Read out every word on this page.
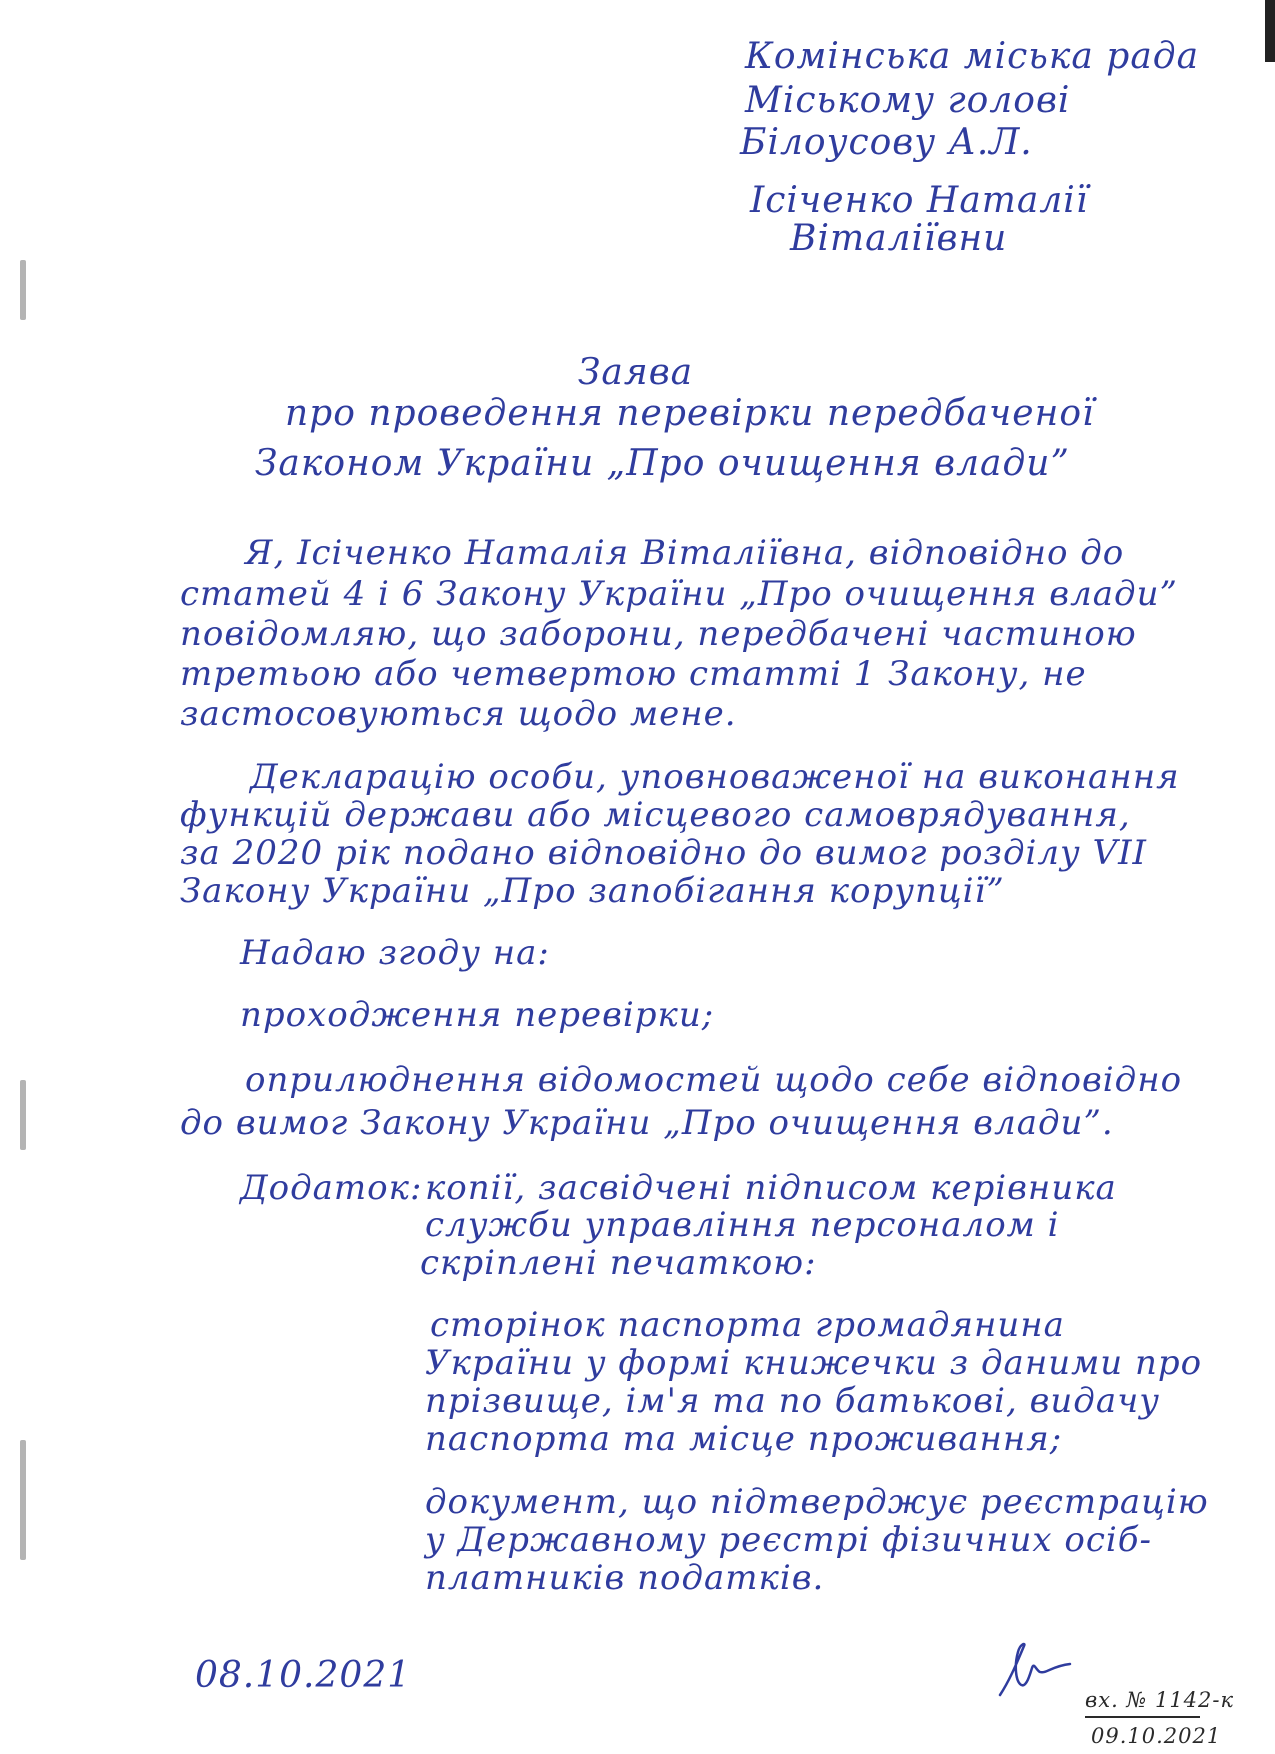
Комінська міська рада
Міському голові
Білоусову А.Л.
Ісіченко Наталії
Віталіївни
Заява
про проведення перевірки передбаченої
Законом України „Про очищення влади”
Я, Ісіченко Наталія Віталіївна, відповідно до
статей 4 і 6 Закону України „Про очищення влади”
повідомляю, що заборони, передбачені частиною
третьою або четвертою статті 1 Закону, не
застосовуються щодо мене.
Декларацію особи, уповноваженої на виконання
функцій держави або місцевого самоврядування,
за 2020 рік подано відповідно до вимог розділу VII
Закону України „Про запобігання корупції”
Надаю згоду на:
проходження перевірки;
оприлюднення відомостей щодо себе відповідно
до вимог Закону України „Про очищення влади”.
Додаток: копії, засвідчені підписом керівника
служби управління персоналом і
скріплені печаткою:
сторінок паспорта громадянина
України у формі книжечки з даними про
прізвище, ім'я та по батькові, видачу
паспорта та місце проживання;
документ, що підтверджує реєстрацію
у Державному реєстрі фізичних осіб-
платників податків.
08.10.2021
вх. № 1142-к
09.10.2021
